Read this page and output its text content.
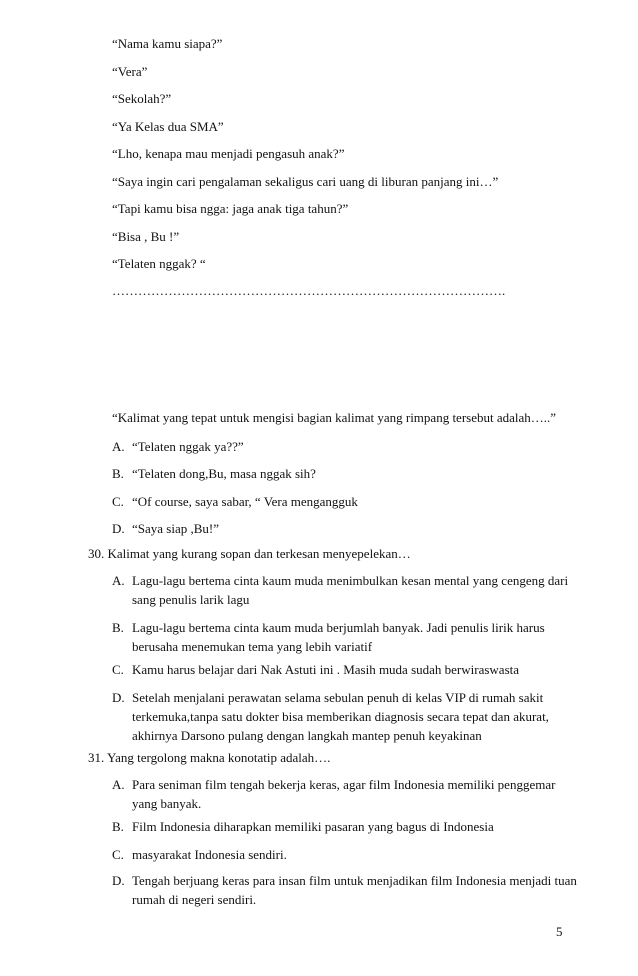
“Nama kamu siapa?”
“Vera”
“Sekolah?”
“Ya Kelas dua SMA”
“Lho, kenapa mau menjadi pengasuh anak?”
“Saya ingin cari pengalaman sekaligus cari uang di liburan panjang ini…”
“Tapi kamu bisa ngga: jaga anak tiga tahun?”
“Bisa , Bu !”
“Telaten nggak? “
……………………………………………………………………………….
“Kalimat yang tepat untuk mengisi bagian kalimat yang rimpang tersebut adalah…..”
A. “Telaten nggak ya??”
B. “Telaten dong,Bu, masa nggak sih?
C. “Of course, saya sabar, “ Vera mengangguk
D. “Saya siap ,Bu!”
30. Kalimat yang kurang sopan dan terkesan menyepelekan…
A. Lagu-lagu bertema cinta kaum muda menimbulkan kesan mental yang cengeng dari sang penulis larik lagu
B. Lagu-lagu bertema cinta kaum muda berjumlah banyak. Jadi penulis lirik harus berusaha menemukan tema yang lebih variatif
C. Kamu harus belajar dari Nak Astuti ini . Masih muda sudah berwiraswasta
D. Setelah menjalani perawatan selama sebulan penuh di kelas VIP di rumah sakit terkemuka,tanpa satu dokter bisa memberikan diagnosis secara tepat dan akurat, akhirnya Darsono pulang dengan langkah mantep penuh keyakinan
31. Yang tergolong makna konotatip adalah….
A. Para seniman film tengah bekerja keras, agar film Indonesia memiliki penggemar yang banyak.
B. Film Indonesia diharapkan memiliki pasaran yang bagus di Indonesia
C. masyarakat Indonesia sendiri.
D. Tengah berjuang keras para insan film untuk menjadikan film Indonesia menjadi tuan rumah di negeri sendiri.
5
